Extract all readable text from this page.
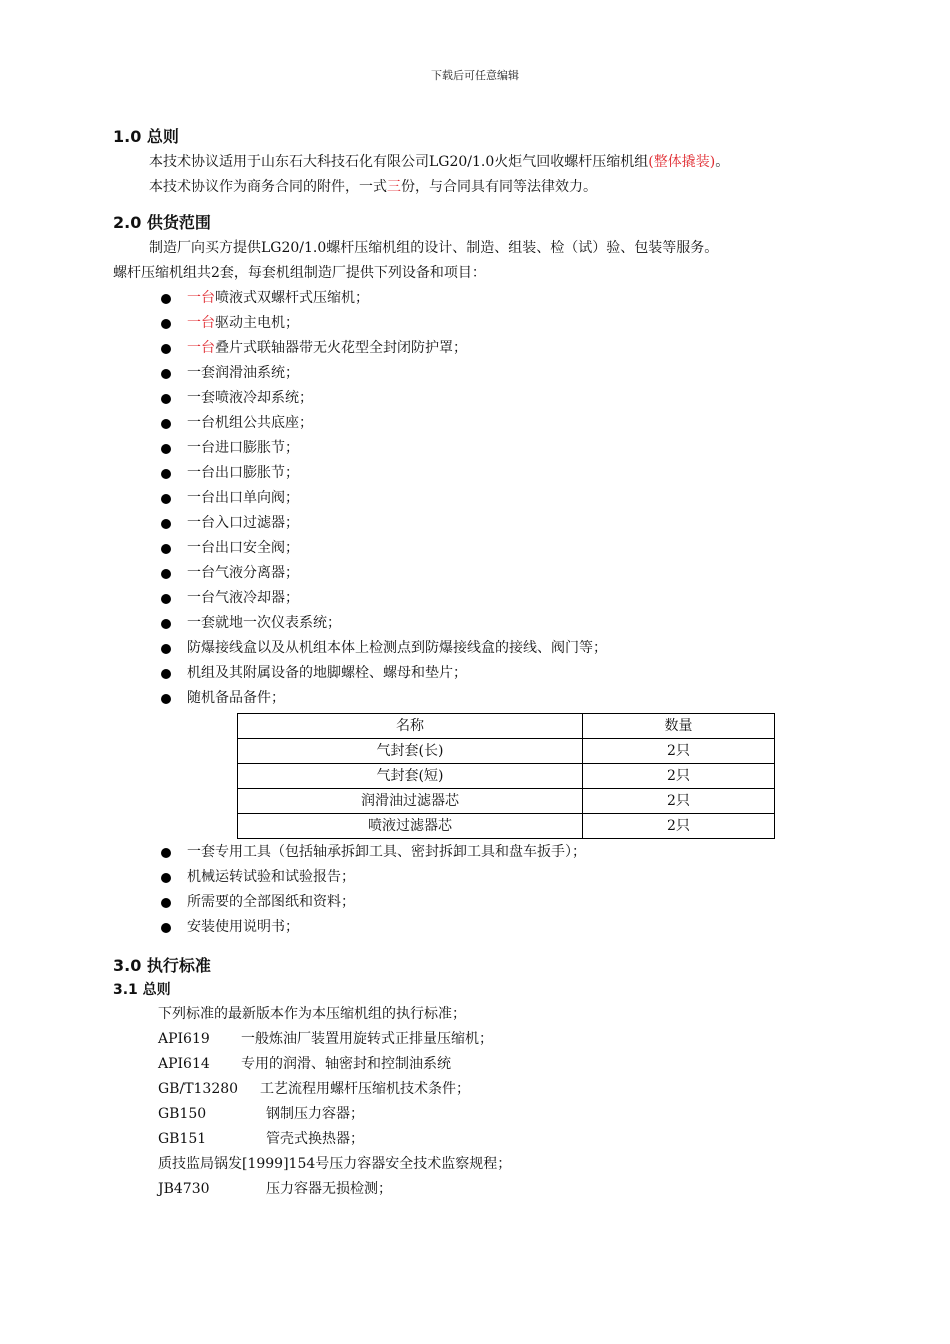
下载后可任意编辑
1.0 总则
本技术协议适用于山东石大科技石化有限公司LG20/1.0火炬气回收螺杆压缩机组(整体撬装)。
本技术协议作为商务合同的附件，一式三份，与合同具有同等法律效力。
2.0 供货范围
制造厂向买方提供LG20/1.0螺杆压缩机组的设计、制造、组装、检（试）验、包装等服务。
螺杆压缩机组共2套，每套机组制造厂提供下列设备和项目：
一台喷液式双螺杆式压缩机；
一台驱动主电机；
一台叠片式联轴器带无火花型全封闭防护罩；
一套润滑油系统；
一套喷液冷却系统；
一台机组公共底座；
一台进口膨胀节；
一台出口膨胀节；
一台出口单向阀；
一台入口过滤器；
一台出口安全阀；
一台气液分离器；
一台气液冷却器；
一套就地一次仪表系统；
防爆接线盒以及从机组本体上检测点到防爆接线盒的接线、阀门等；
机组及其附属设备的地脚螺栓、螺母和垫片；
随机备品备件；
名称	数量
气封套(长)	2只
气封套(短)	2只
润滑油过滤器芯	2只
喷液过滤器芯	2只
一套专用工具（包括轴承拆卸工具、密封拆卸工具和盘车扳手）；
机械运转试验和试验报告；
所需要的全部图纸和资料；
安装使用说明书；
3.0 执行标准
3.1 总则
下列标准的最新版本作为本压缩机组的执行标准；
API619 一般炼油厂装置用旋转式正排量压缩机；
API614 专用的润滑、轴密封和控制油系统
GB/T13280 工艺流程用螺杆压缩机技术条件；
GB150	钢制压力容器；
GB151	管壳式换热器；
质技监局锅发[1999]154号压力容器安全技术监察规程；
JB4730	压力容器无损检测；
